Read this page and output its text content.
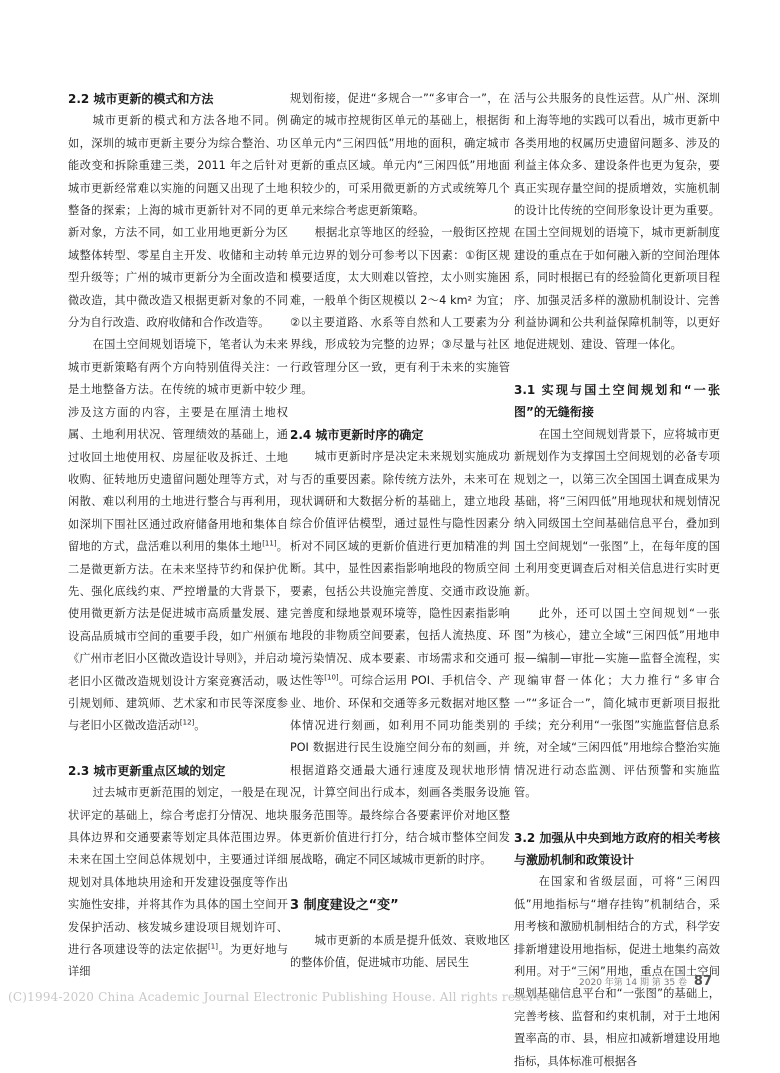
2.2 城市更新的模式和方法

城市更新的模式和方法各地不同。例如，深圳的城市更新主要分为综合整治、功能改变和拆除重建三类，2011 年之后针对城市更新经常难以实施的问题又出现了土地整备的探索；上海的城市更新针对不同的更新对象，方法不同，如工业用地更新分为区域整体转型、零星自主开发、收储和主动转型升级等；广州的城市更新分为全面改造和微改造，其中微改造又根据更新对象的不同分为自行改造、政府收储和合作改造等。

在国土空间规划语境下，笔者认为未来城市更新策略有两个方向特别值得关注：一是土地整备方法。在传统的城市更新中较少涉及这方面的内容，主要是在厘清土地权属、土地利用状况、管理绩效的基础上，通过收回土地使用权、房屋征收及拆迁、土地收购、征转地历史遗留问题处理等方式，对闲散、难以利用的土地进行整合与再利用，如深圳下围社区通过政府储备用地和集体自留地的方式，盘活难以利用的集体土地[11]。二是微更新方法。在未来坚持节约和保护优先、强化底线约束、严控增量的大背景下，使用微更新方法是促进城市高质量发展、建设高品质城市空间的重要手段，如广州颁布《广州市老旧小区微改造设计导则》，并启动老旧小区微改造规划设计方案竞赛活动，吸引规划师、建筑师、艺术家和市民等深度参与老旧小区微改造活动[12]。

2.3 城市更新重点区域的划定

过去城市更新范围的划定，一般是在现状评定的基础上，综合考虑打分情况、地块具体边界和交通要素等划定具体范围边界。未来在国土空间总体规划中，主要通过详细规划对具体地块用途和开发建设强度等作出实施性安排，并将其作为具体的国土空间开发保护活动、核发城乡建设项目规划许可、进行各项建设等的法定依据[1]。为更好地与详细

规划衔接，促进“多规合一”“多审合一”，在确定的城市控规街区单元的基础上，根据街区单元内“三闲四低”用地的面积，确定城市更新的重点区域。单元内“三闲四低”用地面积较少的，可采用微更新的方式或统筹几个单元来综合考虑更新策略。

根据北京等地区的经验，一般街区控规单元边界的划分可参考以下因素：①街区规模要适度，太大则难以管控，太小则实施困难，一般单个街区规模以 2～4 km² 为宜；②以主要道路、水系等自然和人工要素为分界线，形成较为完整的边界；③尽量与社区行政管理分区一致，更有利于未来的实施管理。

2.4 城市更新时序的确定

城市更新时序是决定未来规划实施成功与否的重要因素。除传统方法外，未来可在现状调研和大数据分析的基础上，建立地段综合价值评估模型，通过显性与隐性因素分析对不同区域的更新价值进行更加精准的判断。其中，显性因素指影响地段的物质空间要素，包括公共设施完善度、交通市政设施完善度和绿地景观环境等，隐性因素指影响地段的非物质空间要素，包括人流热度、环境污染情况、成本要素、市场需求和交通可达性等[10]。可综合运用 POI、手机信令、产业、地价、环保和交通等多元数据对地区整体情况进行刻画，如利用不同功能类别的 POI 数据进行民生设施空间分布的刻画，并根据道路交通最大通行速度及现状地形情况，计算空间出行成本，刻画各类服务设施服务范围等。最终综合各要素评价对地区整体更新价值进行打分，结合城市整体空间发展战略，确定不同区域城市更新的时序。

3 制度建设之“变”

城市更新的本质是提升低效、衰败地区的整体价值，促进城市功能、居民生

活与公共服务的良性运营。从广州、深圳和上海等地的实践可以看出，城市更新中各类用地的权属历史遗留问题多、涉及的利益主体众多、建设条件也更为复杂，要真正实现存量空间的提质增效，实施机制的设计比传统的空间形象设计更为重要。在国土空间规划的语境下，城市更新制度建设的重点在于如何融入新的空间治理体系，同时根据已有的经验简化更新项目程序、加强灵活多样的激励机制设计、完善利益协调和公共利益保障机制等，以更好地促进规划、建设、管理一体化。

3.1 实现与国土空间规划和“一张图”的无缝衔接

在国土空间规划背景下，应将城市更新规划作为支撑国土空间规划的必备专项规划之一，以第三次全国国土调查成果为基础，将“三闲四低”用地现状和规划情况纳入同级国土空间基础信息平台，叠加到国土空间规划“一张图”上，在每年度的国土利用变更调查后对相关信息进行实时更新。

此外，还可以国土空间规划“一张图”为核心，建立全域“三闲四低”用地申报—编制—审批—实施—监督全流程，实现编审督一体化；大力推行“多审合一”“多证合一”，简化城市更新项目报批手续；充分利用“一张图”实施监督信息系统，对全域“三闲四低”用地综合整治实施情况进行动态监测、评估预警和实施监管。

3.2 加强从中央到地方政府的相关考核与激励机制和政策设计

在国家和省级层面，可将“三闲四低”用地指标与“增存挂钩”机制结合，采用考核和激励机制相结合的方式，科学安排新增建设用地指标，促进土地集约高效利用。对于“三闲”用地，重点在国土空间规划基础信息平台和“一张图”的基础上，完善考核、监督和约束机制，对于土地闲置率高的市、县，相应扣减新增建设用地指标，具体标准可根据各

2020 年第 14 期 第 35 卷 87
(C)1994-2020 China Academic Journal Electronic Publishing House. All rights reserved.
